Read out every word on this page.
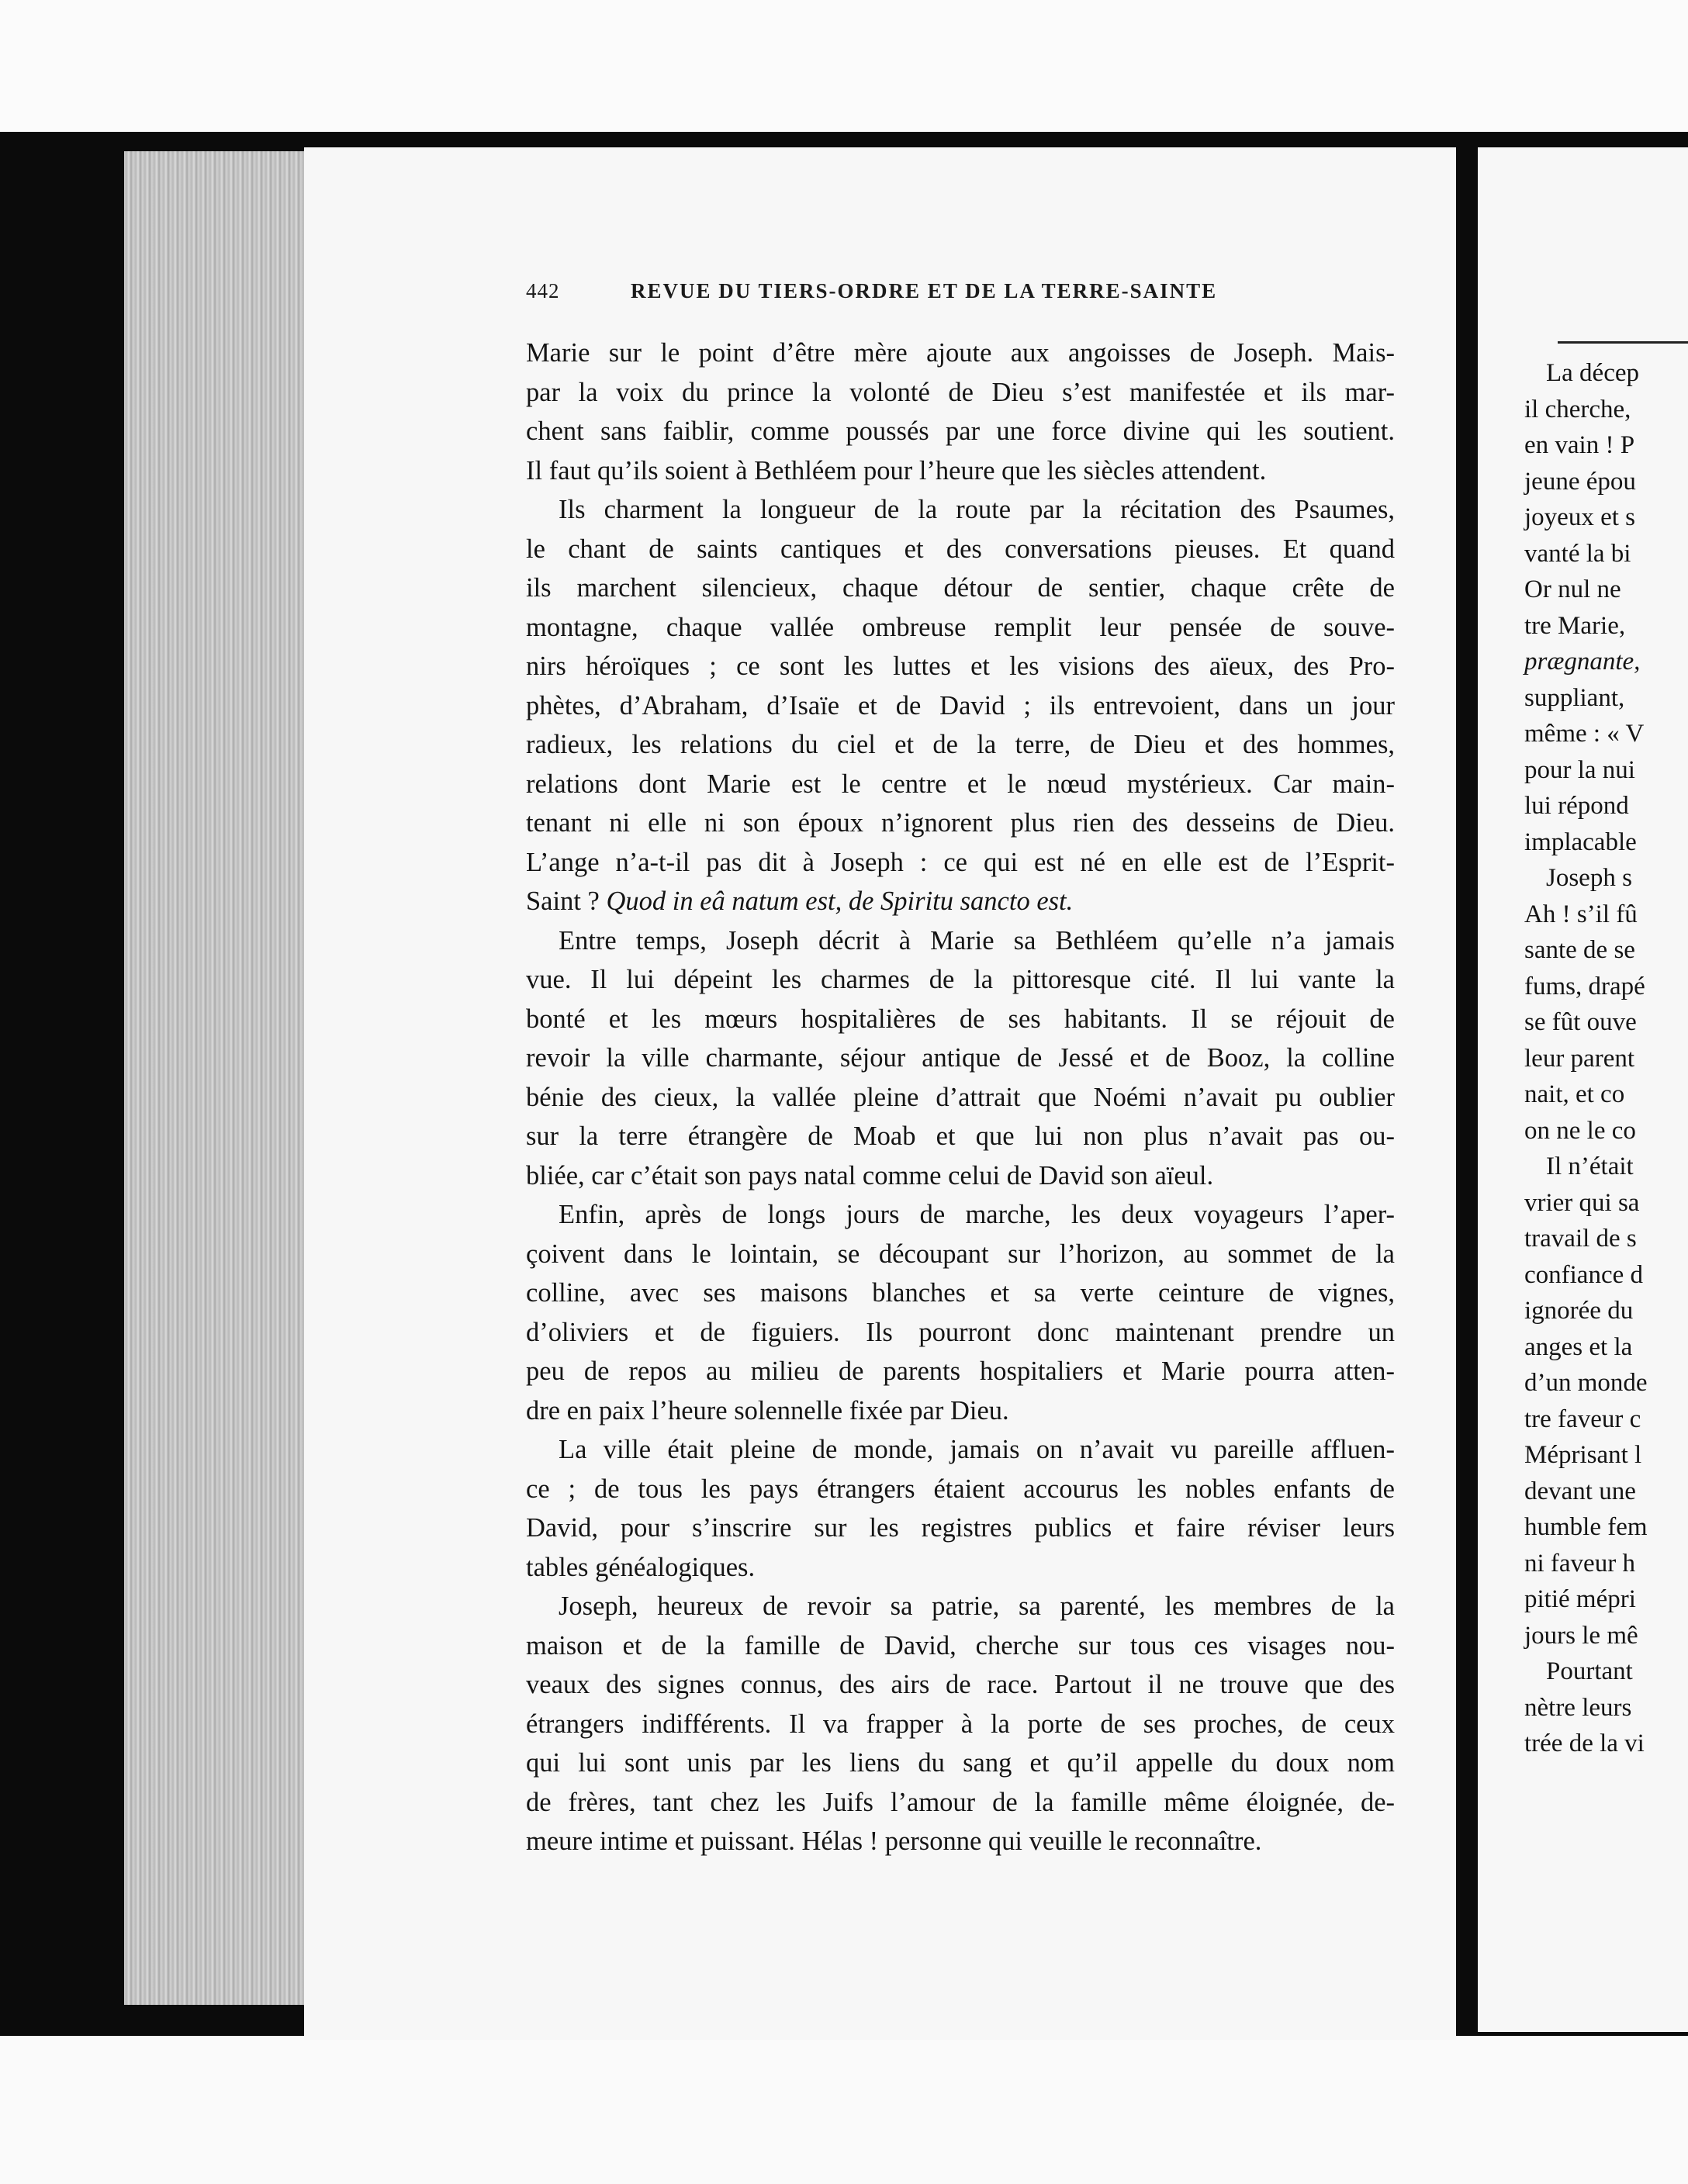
442	REVUE DU TIERS-ORDRE ET DE LA TERRE-SAINTE

Marie sur le point d’être mère ajoute aux angoisses de Joseph. Mais-
par la voix du prince la volonté de Dieu s’est manifestée et ils mar-
chent sans faiblir, comme poussés par une force divine qui les soutient.
Il faut qu’ils soient à Bethléem pour l’heure que les siècles attendent.

Ils charment la longueur de la route par la récitation des Psaumes,
le chant de saints cantiques et des conversations pieuses. Et quand
ils marchent silencieux, chaque détour de sentier, chaque crête de
montagne, chaque vallée ombreuse remplit leur pensée de souve-
nirs héroïques ; ce sont les luttes et les visions des aïeux, des Pro-
phètes, d’Abraham, d’Isaïe et de David ; ils entrevoient, dans un jour
radieux, les relations du ciel et de la terre, de Dieu et des hommes,
relations dont Marie est le centre et le nœud mystérieux. Car main-
tenant ni elle ni son époux n’ignorent plus rien des desseins de Dieu.
L’ange n’a-t-il pas dit à Joseph : ce qui est né en elle est de l’Esprit-
Saint ? Quod in eâ natum est, de Spiritu sancto est.

Entre temps, Joseph décrit à Marie sa Bethléem qu’elle n’a jamais
vue. Il lui dépeint les charmes de la pittoresque cité. Il lui vante la
bonté et les mœurs hospitalières de ses habitants. Il se réjouit de
revoir la ville charmante, séjour antique de Jessé et de Booz, la colline
bénie des cieux, la vallée pleine d’attrait que Noémi n’avait pu oublier
sur la terre étrangère de Moab et que lui non plus n’avait pas ou-
bliée, car c’était son pays natal comme celui de David son aïeul.

Enfin, après de longs jours de marche, les deux voyageurs l’aper-
çoivent dans le lointain, se découpant sur l’horizon, au sommet de la
colline, avec ses maisons blanches et sa verte ceinture de vignes,
d’oliviers et de figuiers. Ils pourront donc maintenant prendre un
peu de repos au milieu de parents hospitaliers et Marie pourra atten-
dre en paix l’heure solennelle fixée par Dieu.

La ville était pleine de monde, jamais on n’avait vu pareille affluen-
ce ; de tous les pays étrangers étaient accourus les nobles enfants de
David, pour s’inscrire sur les registres publics et faire réviser leurs
tables généalogiques.

Joseph, heureux de revoir sa patrie, sa parenté, les membres de la
maison et de la famille de David, cherche sur tous ces visages nou-
veaux des signes connus, des airs de race. Partout il ne trouve que des
étrangers indifférents. Il va frapper à la porte de ses proches, de ceux
qui lui sont unis par les liens du sang et qu’il appelle du doux nom
de frères, tant chez les Juifs l’amour de la famille même éloignée, de-
meure intime et puissant. Hélas ! personne qui veuille le reconnaître.

La décep
il cherche,
en vain ! P
jeune épou
joyeux et s
vanté la bi
Or nul ne
tre Marie,
prægnante,
suppliant,
même : « V
pour la nui
lui répond
implacable
Joseph s
Ah ! s’il fû
sante de se
fums, drapé
se fût ouve
leur parent
nait, et co
on ne le co
Il n’était
vrier qui sa
travail de s
confiance d
ignorée du
anges et la
d’un monde
tre faveur c
Méprisant l
devant une
humble fem
ni faveur h
pitié mépri
jours le mê
Pourtant
nètre leurs
trée de la vi
